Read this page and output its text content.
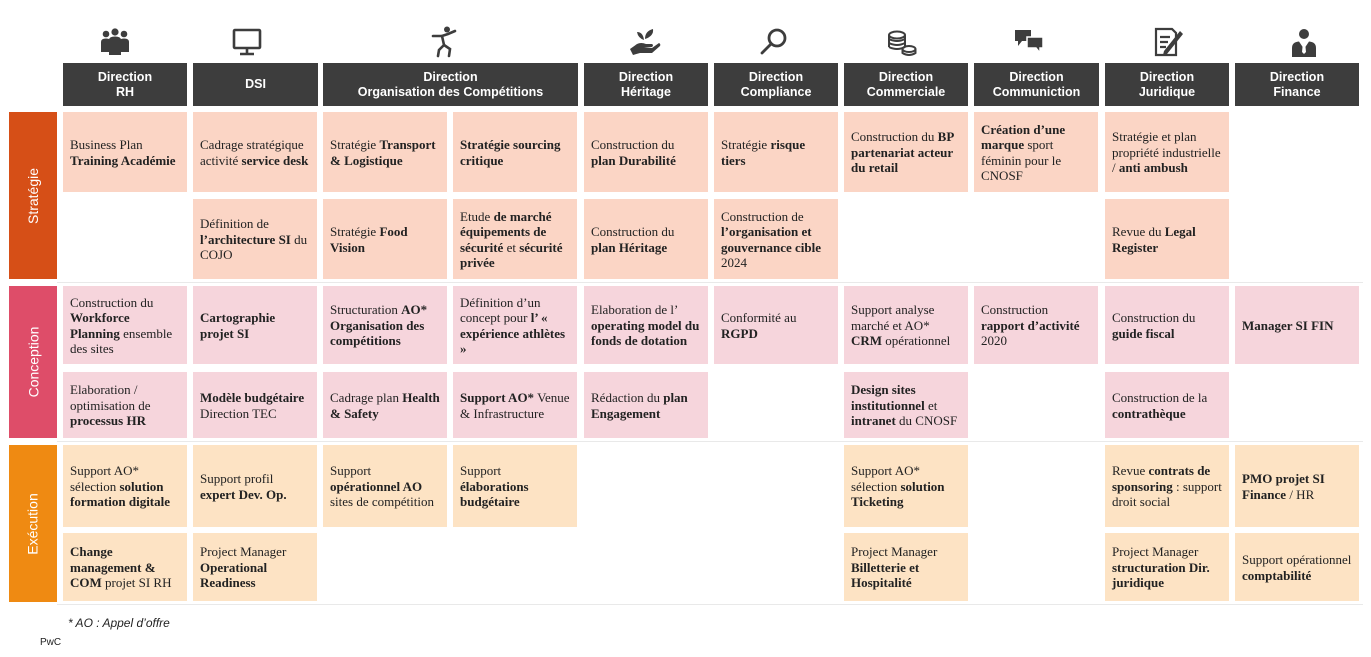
Direction
RH
DSI
Direction
Organisation des Compétitions
Direction
Héritage
Direction
Compliance
Direction
Commerciale
Direction
Communiction
Direction
Juridique
Direction
Finance
Stratégie
Conception
Exécution
Business Plan Training Académie
Cadrage stratégique activité service desk
Stratégie Transport & Logistique
Stratégie sourcing critique
Construction du plan Durabilité
Stratégie risque tiers
Construction du BP partenariat acteur du retail
Création d’une marque sport féminin pour le CNOSF
Stratégie et plan propriété industrielle / anti ambush
Définition de l’architecture SI du COJO
Stratégie Food Vision
Etude de marché équipements de sécurité et sécurité privée
Construction du plan Héritage
Construction de l’organisation et gouvernance cible 2024
Revue du Legal Register
Construction du Workforce Planning ensemble des sites
Cartographie projet SI
Structuration AO* Organisation des compétitions
Définition d’un concept pour l’ « expérience athlètes »
Elaboration de l’ operating model du fonds de dotation
Conformité au RGPD
Support analyse marché et AO* CRM opérationnel
Construction rapport d’activité 2020
Construction du guide fiscal
Manager SI FIN
Elaboration / optimisation de processus HR
Modèle budgétaire Direction TEC
Cadrage plan Health & Safety
Support AO* Venue & Infrastructure
Rédaction du plan Engagement
Design sites institutionnel et intranet du CNOSF
Construction de la contrathèque
Support AO* sélection solution formation digitale
Support profil expert Dev. Op.
Support opérationnel AO sites de compétition
Support élaborations budgétaire
Support AO* sélection solution Ticketing
Revue contrats de sponsoring : support droit social
PMO projet SI Finance / HR
Change management & COM projet SI RH
Project Manager Operational Readiness
Project Manager Billetterie et Hospitalité
Project Manager structuration Dir. juridique
Support opérationnel comptabilité
* AO : Appel d’offre
PwC
